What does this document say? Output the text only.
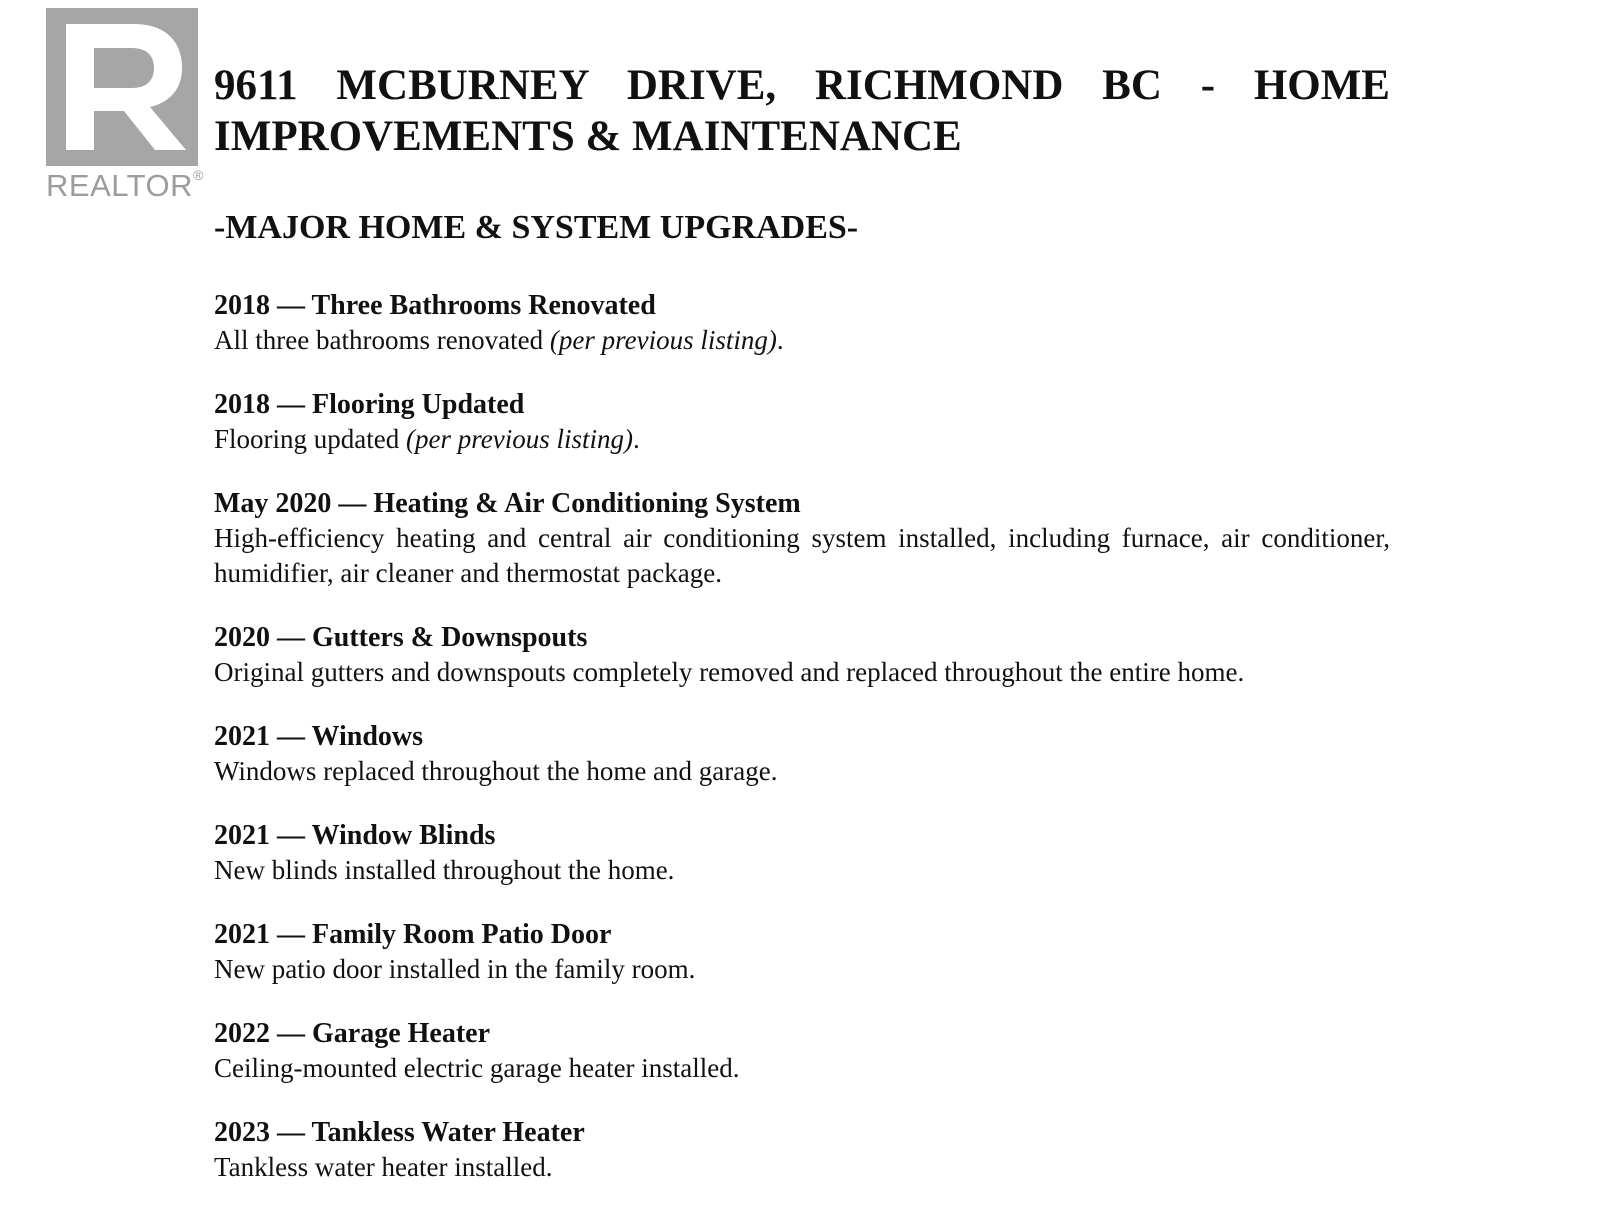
REALTOR®
9611 MCBURNEY DRIVE, RICHMOND BC - HOME IMPROVEMENTS & MAINTENANCE
-MAJOR HOME & SYSTEM UPGRADES-
2018 — Three Bathrooms Renovated
All three bathrooms renovated (per previous listing).
2018 — Flooring Updated
Flooring updated (per previous listing).
May 2020 — Heating & Air Conditioning System
High-efficiency heating and central air conditioning system installed, including furnace, air conditioner, humidifier, air cleaner and thermostat package.
2020 — Gutters & Downspouts
Original gutters and downspouts completely removed and replaced throughout the entire home.
2021 — Windows
Windows replaced throughout the home and garage.
2021 — Window Blinds
New blinds installed throughout the home.
2021 — Family Room Patio Door
New patio door installed in the family room.
2022 — Garage Heater
Ceiling-mounted electric garage heater installed.
2023 — Tankless Water Heater
Tankless water heater installed.
